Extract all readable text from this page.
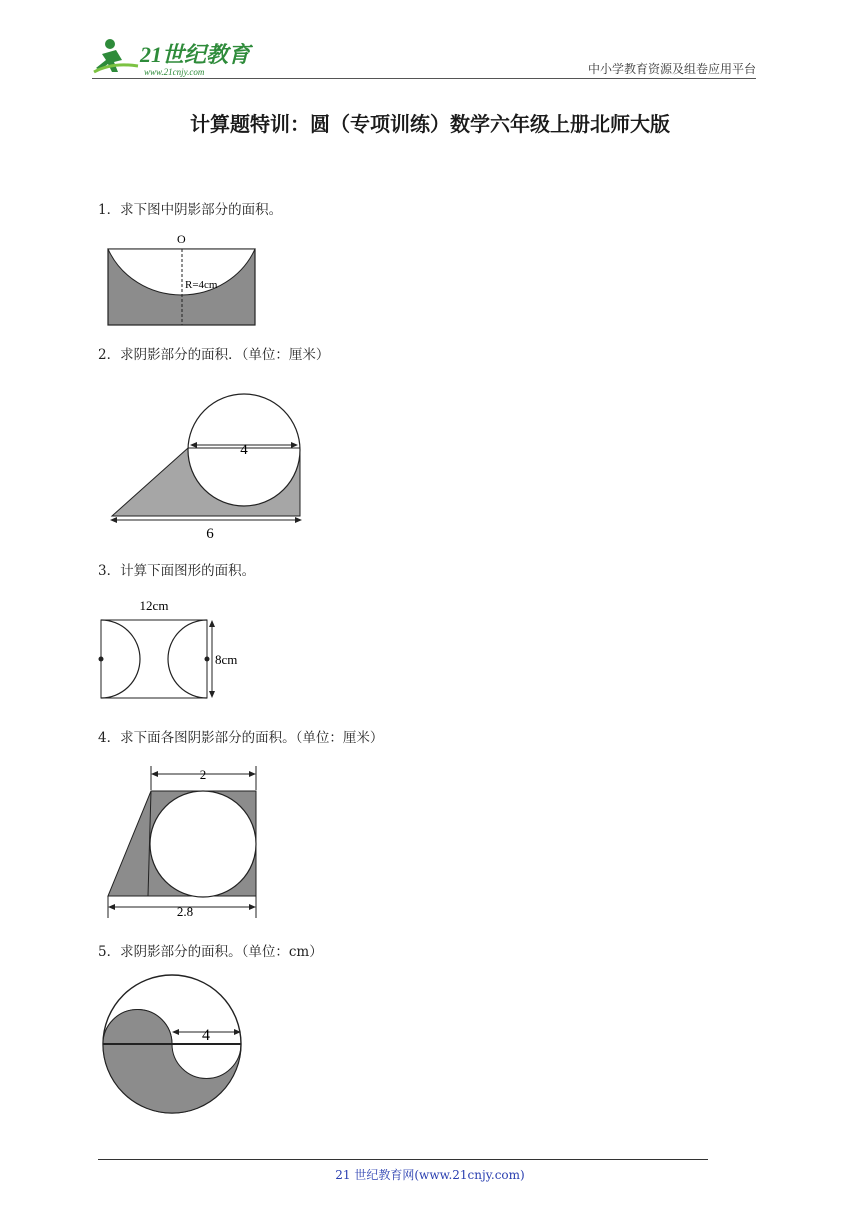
21世纪教育
www.21cnjy.com	中小学教育资源及组卷应用平台
计算题特训：圆（专项训练）数学六年级上册北师大版
1．求下图中阴影部分的面积。
O
R=4cm
2．求阴影部分的面积．（单位：厘米）
4
6
3．计算下面图形的面积。
12cm
8cm
4．求下面各图阴影部分的面积。（单位：厘米）
2
2.8
5．求阴影部分的面积。（单位：cm）
4
21 世纪教育网(www.21cnjy.com)
